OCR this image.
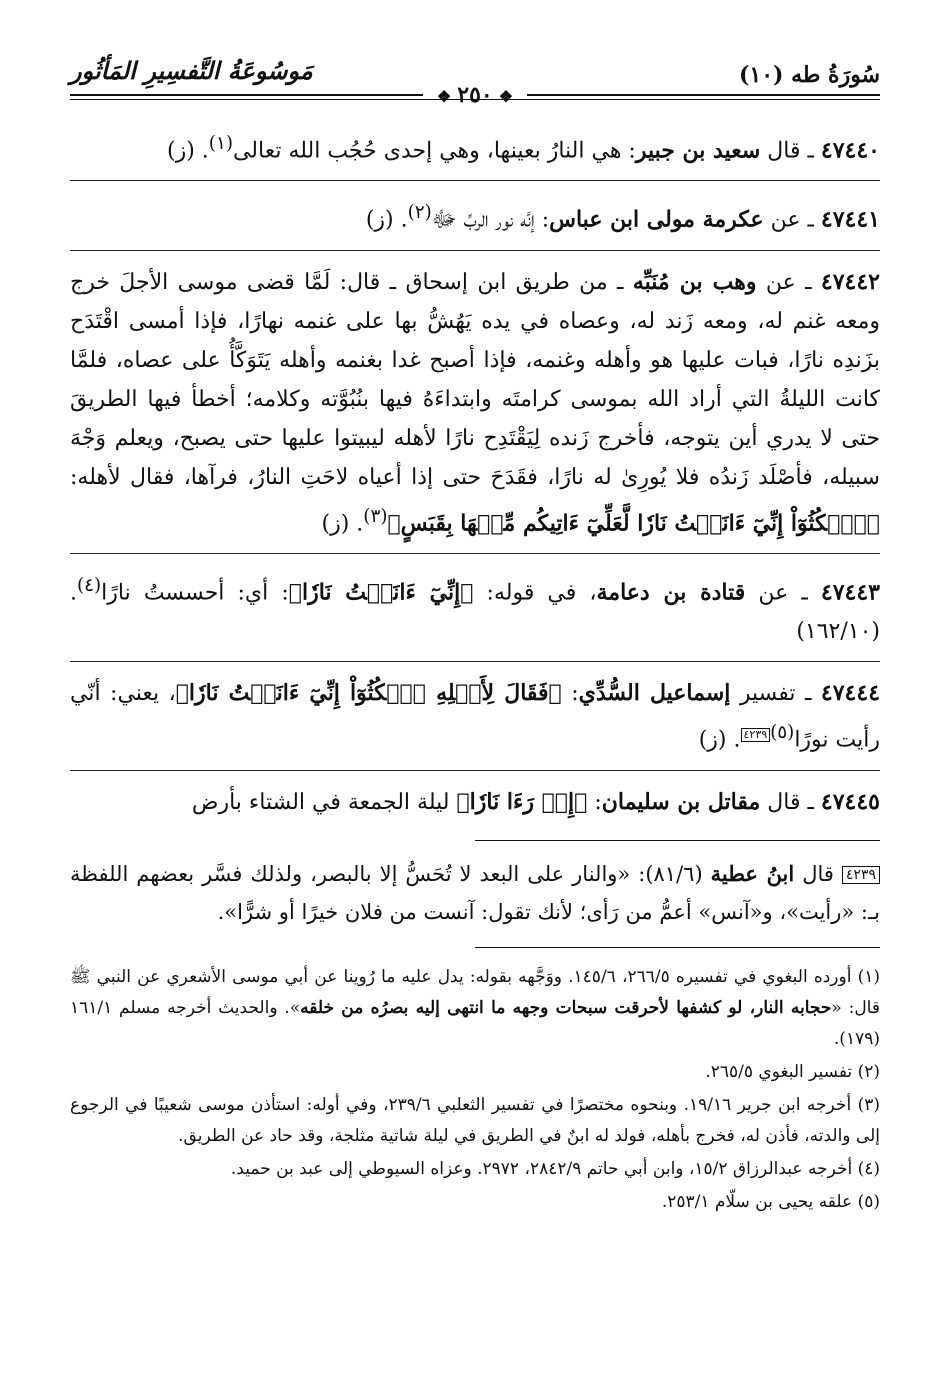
سُورَةُ طه (١٠)
مَوسُوعَةُ التَّفسِيرِ المَأثُور
❖ ٢٥٠ ❖
٤٧٤٤٠ ـ قال سعيد بن جبير: هي النارُ بعينها، وهي إحدى حُجُب الله تعالى$^{(١)}$. (ز)
٤٧٤٤١ ـ عن عكرمة مولى ابن عباس: إنَّه نور الربِّ ﷻ$^{(٢)}$. (ز)
٤٧٤٤٢ ـ عن وهب بن مُنَبِّه ـ من طريق ابن إسحاق ـ قال: لَمَّا قضى موسى الأجلَ خرج ومعه غنم له، ومعه زَند له، وعصاه في يده يَهُشُّ بها على غنمه نهارًا، فإذا أمسى اقْتَدَح بزَندِه نارًا، فبات عليها هو وأهله وغنمه، فإذا أصبح غدا بغنمه وأهله يَتَوَكَّأُ على عصاه، فلمَّا كانت الليلةُ التي أراد الله بموسى كرامتَه وابتداءَهُ فيها بنُبُوَّته وكلامه؛ أخطأ فيها الطريقَ حتى لا يدري أين يتوجه، فأخرج زَنده لِيَقْتَدِح نارًا لأهله ليبيتوا عليها حتى يصبح، ويعلم وَجْهَ سبيله، فأصْلَد زَندُه فلا يُورِىٰ له نارًا، فقَدَحَ حتى إذا أعياه لاحَتِ النارُ، فرآها، فقال لأهله: ﴿ٱمۡكُثُوٓاْ إِنِّيٓ ءَانَسۡتُ نَارٗا لَّعَلِّيٓ ءَاتِيكُم مِّنۡهَا بِقَبَسٍ﴾$^{(٣)}$. (ز)
٤٧٤٤٣ ـ عن قتادة بن دعامة، في قوله: ﴿إِنِّيٓ ءَانَسۡتُ نَارٗا﴾: أي: أحسستُ نارًا$^{(٤)}$. (١٦٢/١٠)
٤٧٤٤٤ ـ تفسير إسماعيل السُّدِّي: ﴿فَقَالَ لِأَهۡلِهِ ٱمۡكُثُوٓاْ إِنِّيٓ ءَانَسۡتُ نَارٗا﴾، يعني: أنّي رأيت نورًا$^{(٥)}$٤٢٣٩. (ز)
٤٧٤٤٥ ـ قال مقاتل بن سليمان: ﴿إِذۡ رَءَا نَارٗا﴾ ليلة الجمعة في الشتاء بأرض
٤٢٣٩ قال ابنُ عطية (٨١/٦): «والنار على البعد لا تُحَسُّ إلا بالبصر، ولذلك فسَّر بعضهم اللفظة بـ: «رأيت»، و«آنس» أعمُّ من رَأى؛ لأنك تقول: آنست من فلان خيرًا أو شرًّا».
(١) أورده البغوي في تفسيره ٢٦٦/٥، ١٤٥/٦. ووَجَّهه بقوله: يدل عليه ما رُوينا عن أبي موسى الأشعري عن النبي ﷺ قال: «حجابه النار، لو كشفها لأحرقت سبحات وجهه ما انتهى إليه بصرُه من خلقه». والحديث أخرجه مسلم ١٦١/١ (١٧٩).
(٢) تفسير البغوي ٢٦٥/٥.
(٣) أخرجه ابن جرير ١٩/١٦. وبنحوه مختصرًا في تفسير الثعلبي ٢٣٩/٦، وفي أوله: استأذن موسى شعيبًا في الرجوع إلى والدته، فأذن له، فخرج بأهله، فولد له ابنٌ في الطريق في ليلة شاتية مثلجة، وقد حاد عن الطريق.
(٤) أخرجه عبدالرزاق ١٥/٢، وابن أبي حاتم ٢٨٤٢/٩، ٢٩٧٢. وعزاه السيوطي إلى عبد بن حميد.
(٥) علقه يحيى بن سلّام ٢٥٣/١.
